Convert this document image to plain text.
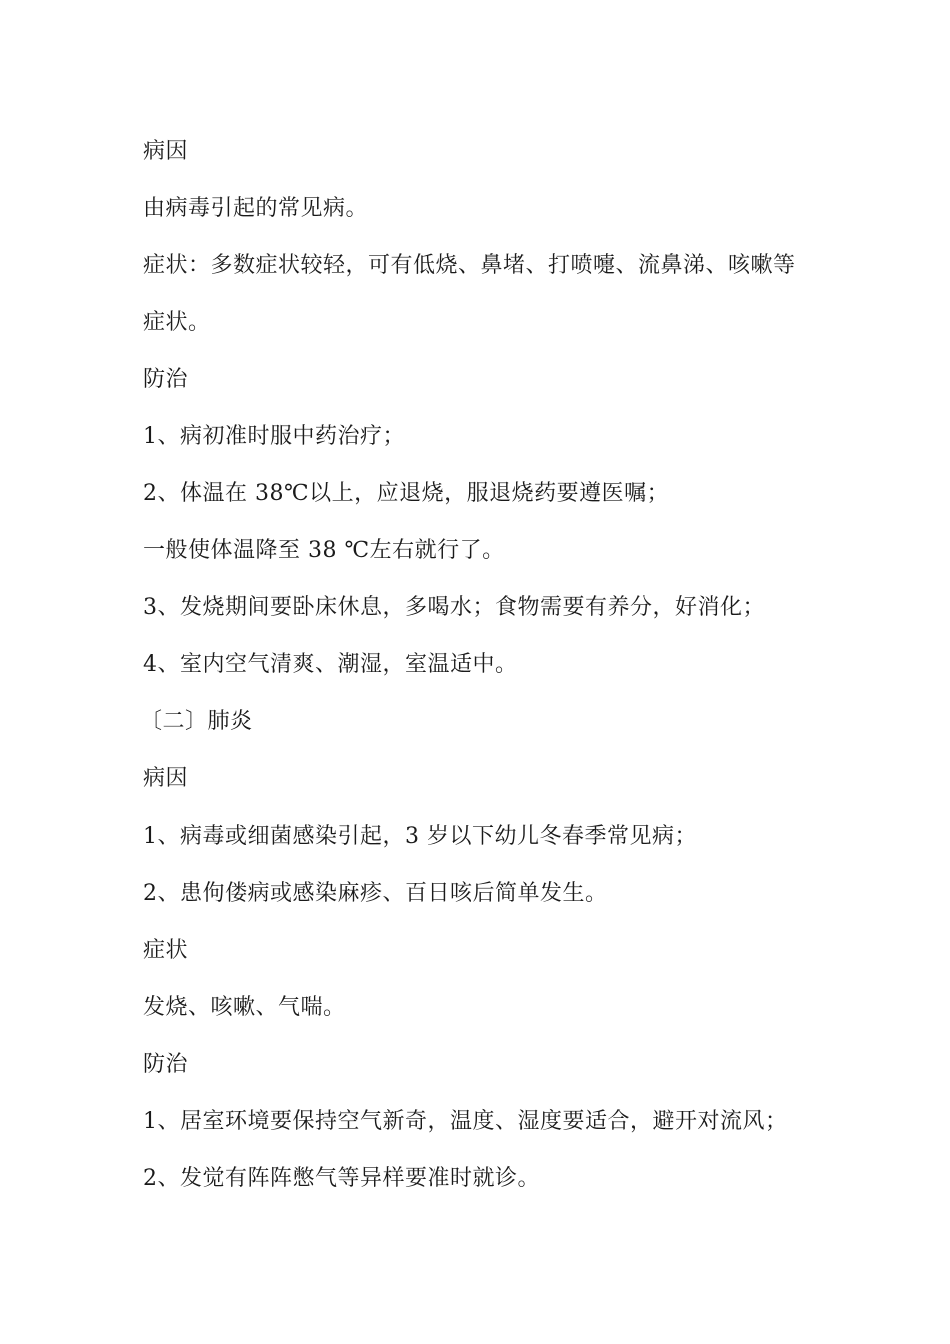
病因
由病毒引起的常见病。
症状：多数症状较轻，可有低烧、鼻堵、打喷嚏、流鼻涕、咳嗽等
症状。
防治
1、病初准时服中药治疗；
2、体温在 38℃以上，应退烧，服退烧药要遵医嘱；
一般使体温降至 38 ℃左右就行了。
3、发烧期间要卧床休息，多喝水；食物需要有养分，好消化；
4、室内空气清爽、潮湿，室温适中。
〔二〕肺炎
病因
1、病毒或细菌感染引起，3 岁以下幼儿冬春季常见病；
2、患佝偻病或感染麻疹、百日咳后简单发生。
症状
发烧、咳嗽、气喘。
防治
1、居室环境要保持空气新奇，温度、湿度要适合，避开对流风；
2、发觉有阵阵憋气等异样要准时就诊。
